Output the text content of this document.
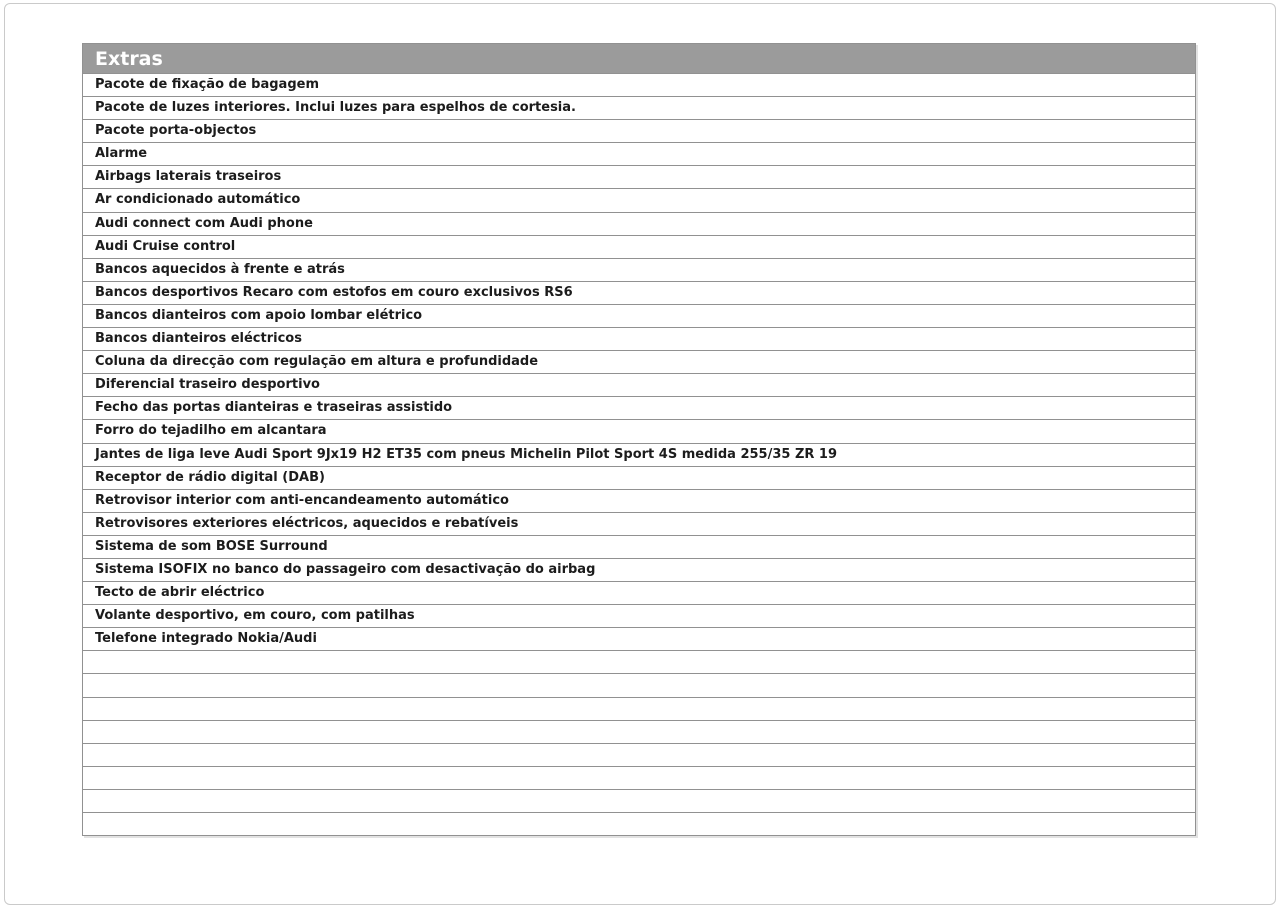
Extras
Pacote de fixação de bagagem
Pacote de luzes interiores. Inclui luzes para espelhos de cortesia.
Pacote porta-objectos
Alarme
Airbags laterais traseiros
Ar condicionado automático
Audi connect com Audi phone
Audi Cruise control
Bancos aquecidos à frente e atrás
Bancos desportivos Recaro com estofos em couro exclusivos RS6
Bancos dianteiros com apoio lombar elétrico
Bancos dianteiros eléctricos
Coluna da direcção com regulação em altura e profundidade
Diferencial traseiro desportivo
Fecho das portas dianteiras e traseiras assistido
Forro do tejadilho em alcantara
Jantes de liga leve Audi Sport 9Jx19 H2 ET35 com pneus Michelin Pilot Sport 4S medida 255/35 ZR 19
Receptor de rádio digital (DAB)
Retrovisor interior com anti-encandeamento automático
Retrovisores exteriores eléctricos, aquecidos e rebatíveis
Sistema de som BOSE Surround
Sistema ISOFIX no banco do passageiro com desactivação do airbag
Tecto de abrir eléctrico
Volante desportivo, em couro, com patilhas
Telefone integrado Nokia/Audi
